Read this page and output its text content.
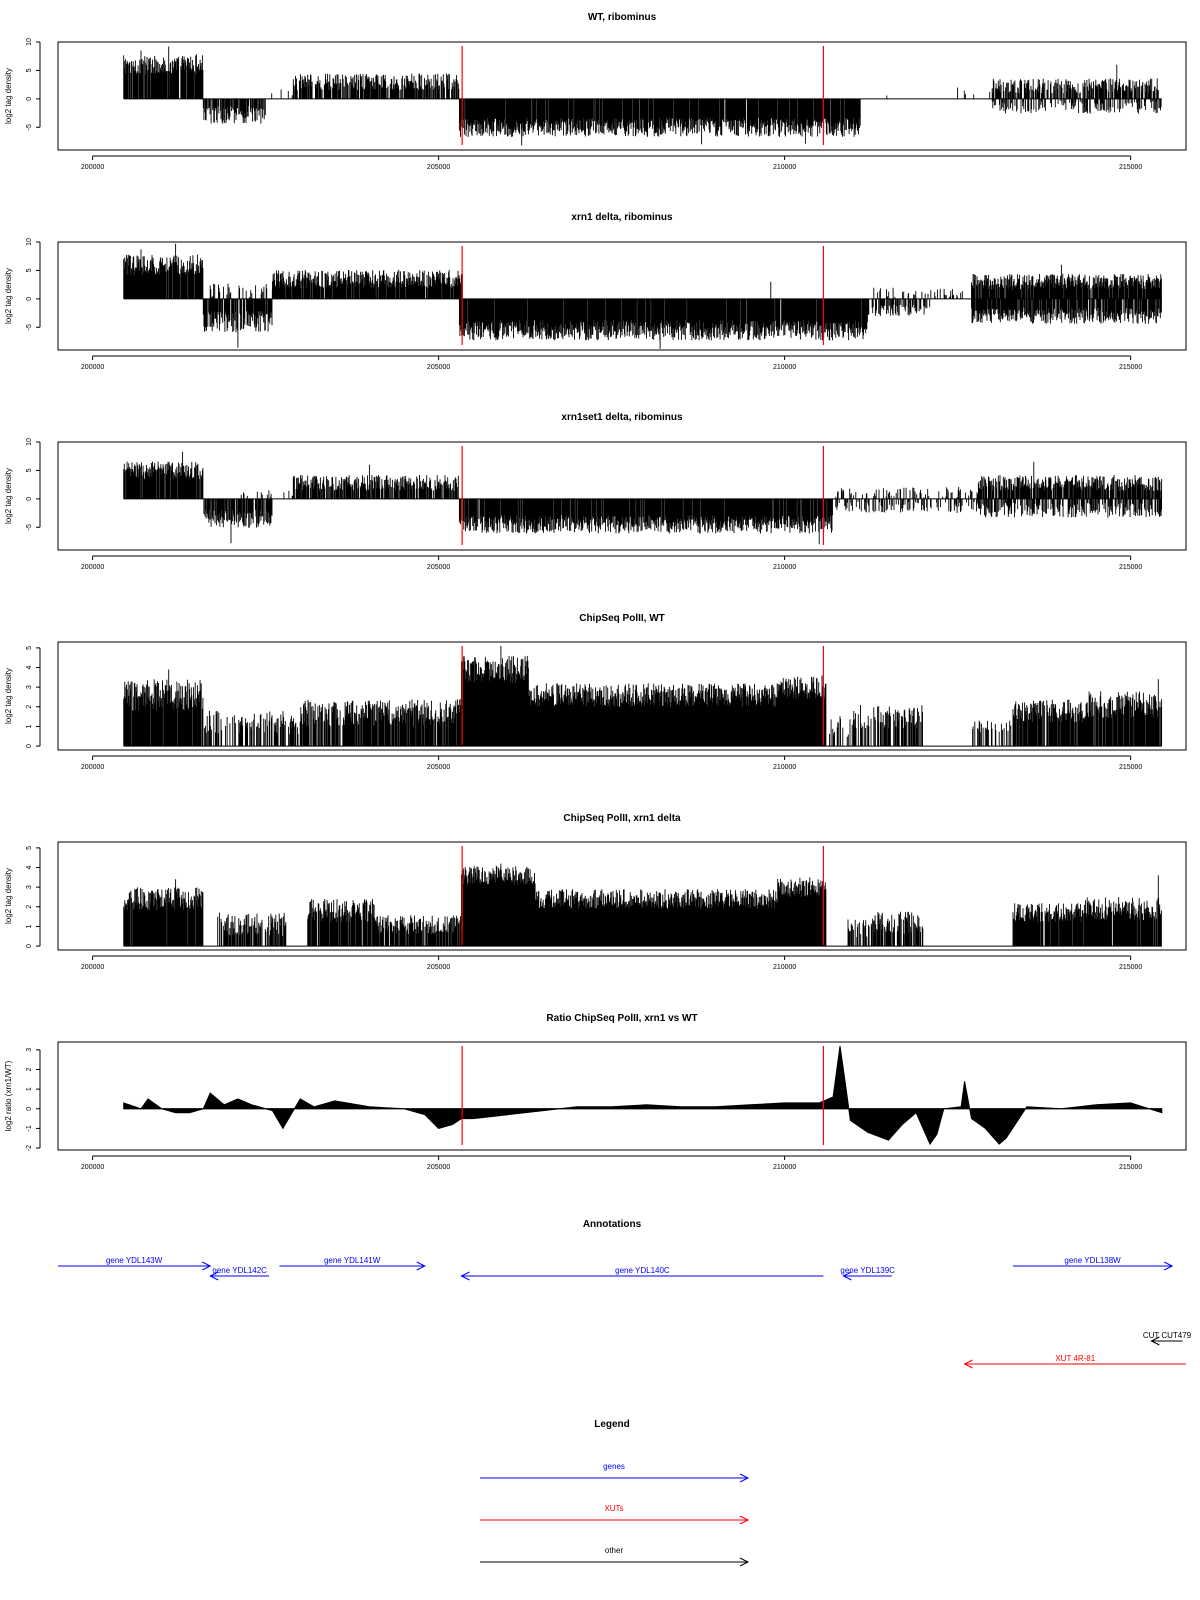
WT, ribominus
log2 tag density
-5
0
5
10
200000	205000	210000	215000
xrn1 delta, ribominus
log2 tag density
-5
0
5
10
200000	205000	210000	215000
xrn1set1 delta, ribominus
log2 tag density
-5
0
5
10
200000	205000	210000	215000
ChipSeq PolII, WT
log2 tag density
0
1
2
3
4
5
200000	205000	210000	215000
ChipSeq PolII, xrn1 delta
log2 tag density
0
1
2
3
4
5
200000	205000	210000	215000
Ratio ChipSeq PolII, xrn1 vs WT
log2 ratio (xrn1/WT)
-2
-1
0
1
2
3
200000	205000	210000	215000
Annotations
gene YDL143W
gene YDL142C
gene YDL141W
gene YDL140C	gene YDL139C
gene YDL138W
CUT CUT479
XUT 4R-81
Legend
genes
XUTs
other
